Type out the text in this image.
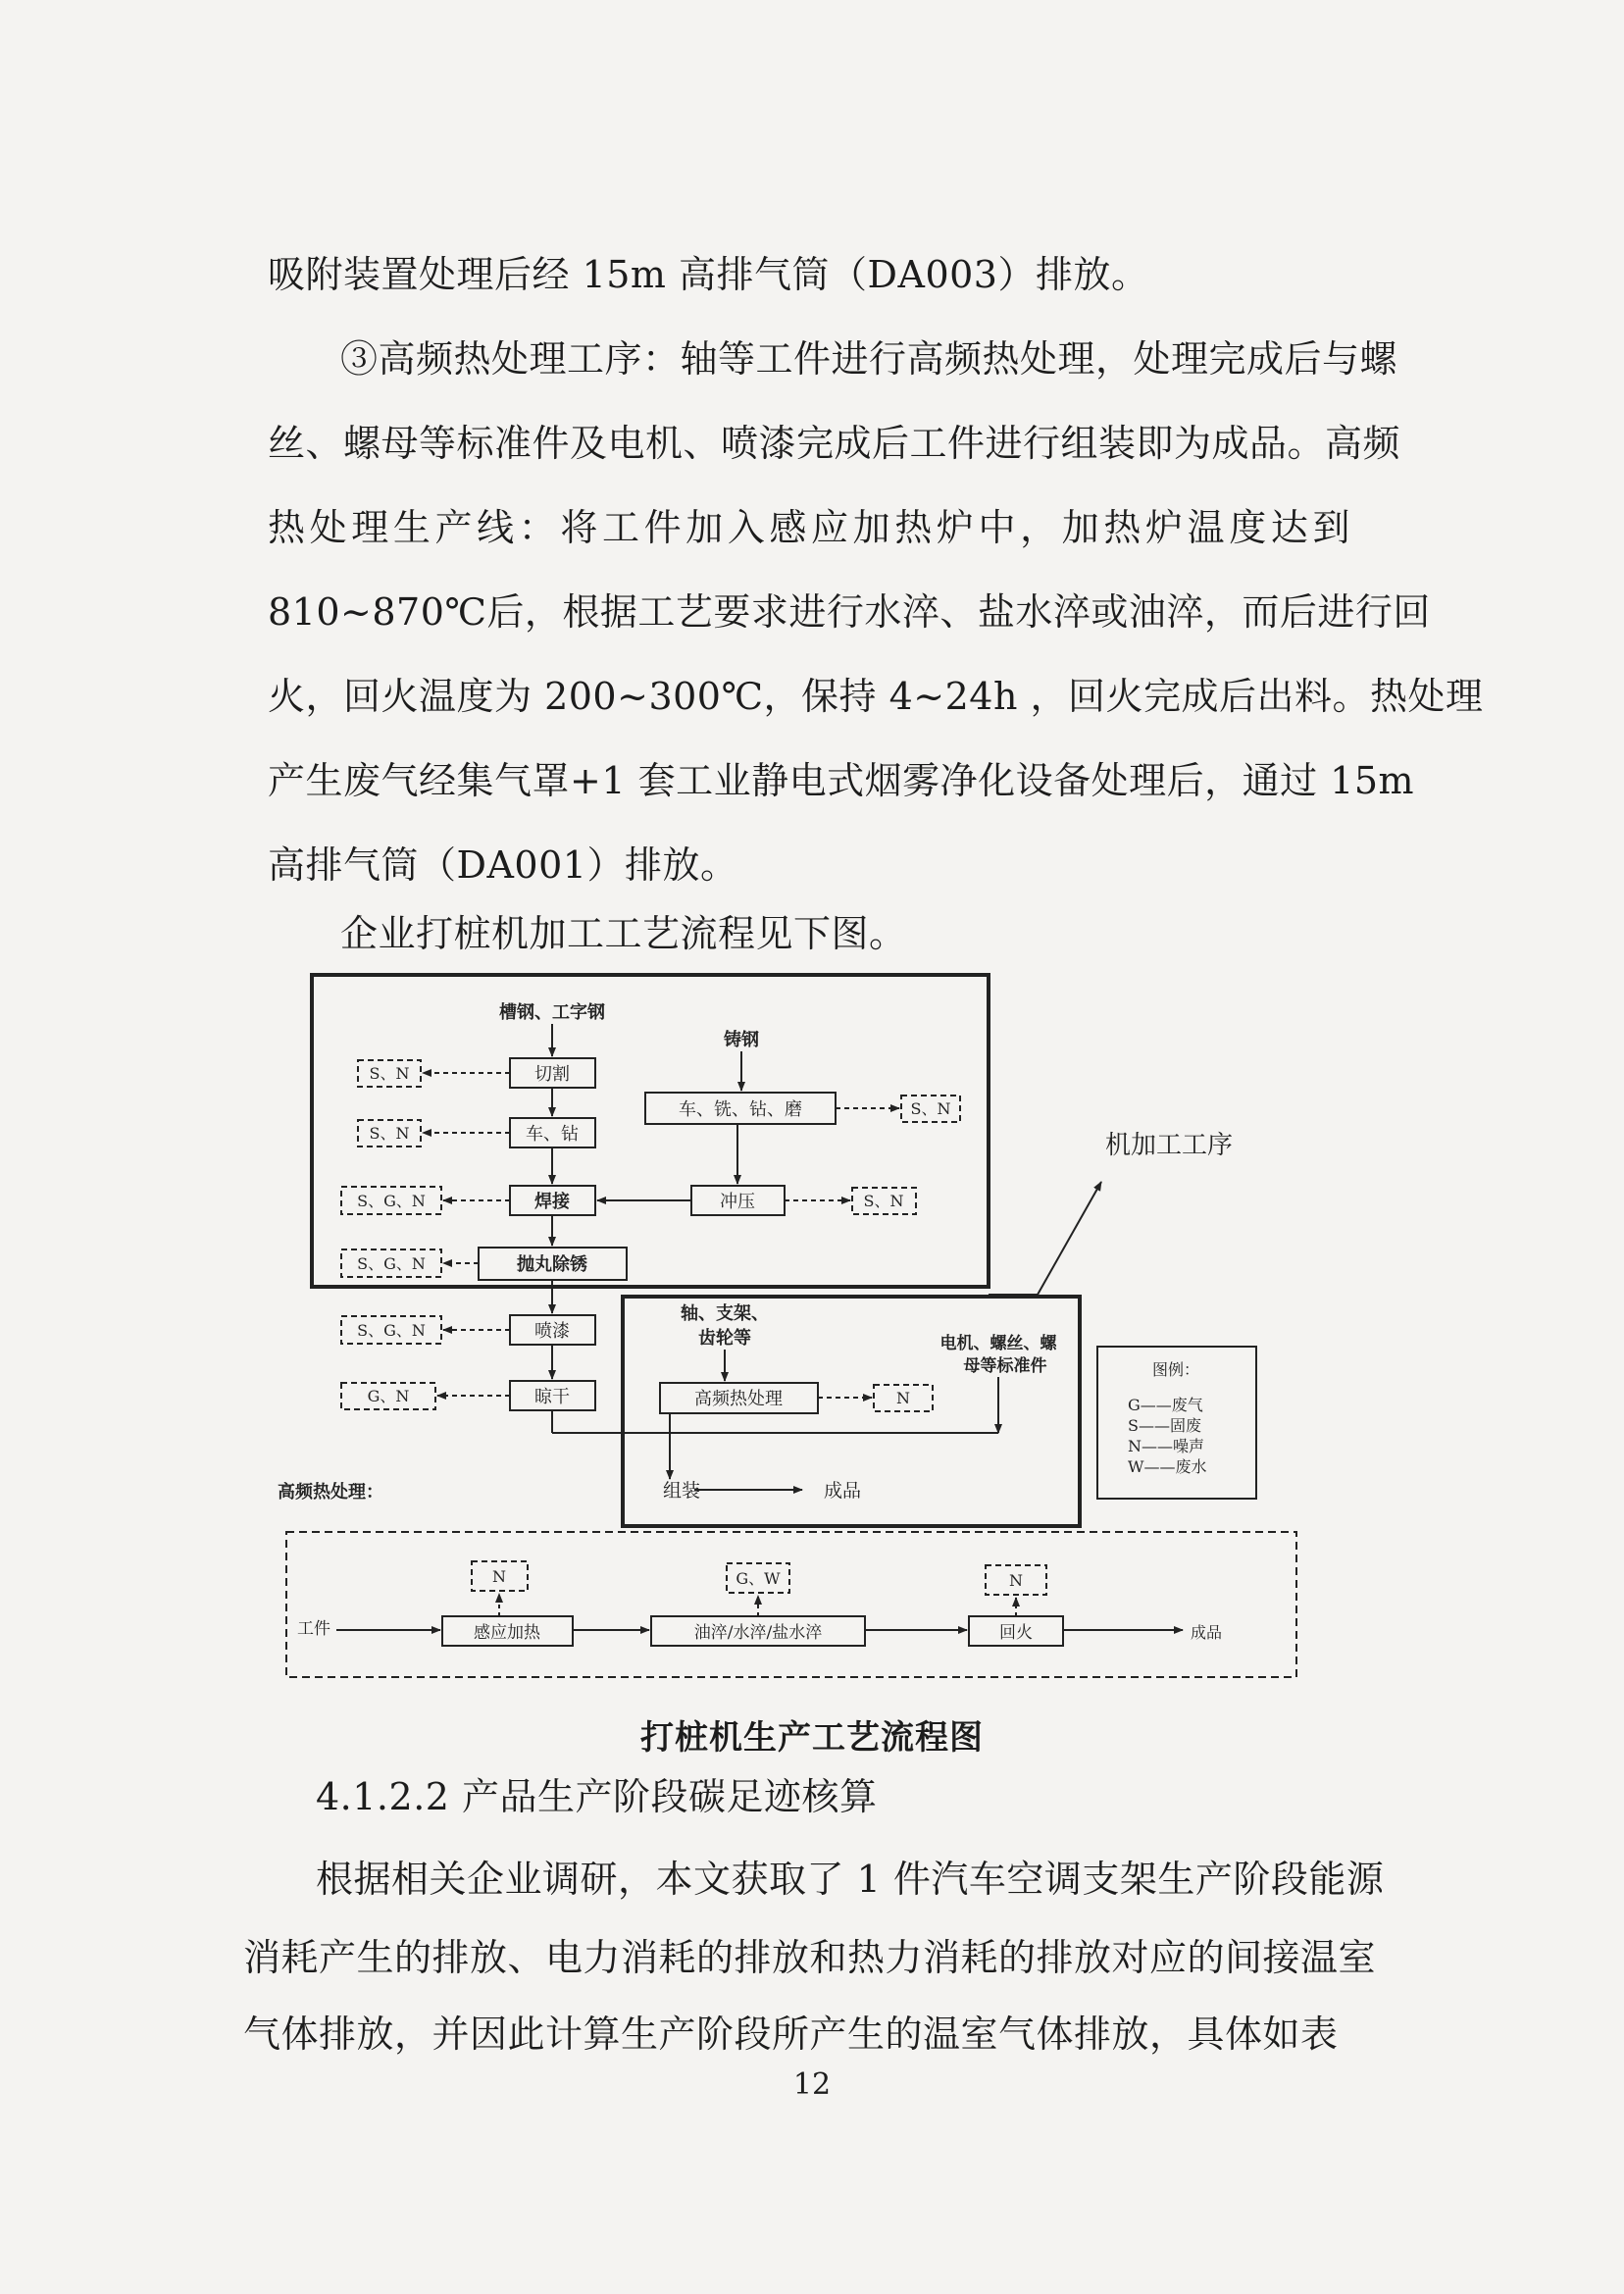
吸附装置处理后经 15m 高排气筒（DA003）排放。
③高频热处理工序：轴等工件进行高频热处理，处理完成后与螺
丝、螺母等标准件及电机、喷漆完成后工件进行组装即为成品。高频
热处理生产线：将工件加入感应加热炉中，加热炉温度达到
810~870℃后，根据工艺要求进行水淬、盐水淬或油淬，而后进行回
火，回火温度为 200~300℃，保持 4~24h ，回火完成后出料。热处理
产生废气经集气罩+1 套工业静电式烟雾净化设备处理后，通过 15m
高排气筒（DA001）排放。
企业打桩机加工工艺流程见下图。
机加工工序
槽钢、工字钢
铸钢
轴、支架、
齿轮等	电机、螺丝、螺
母等标准件
切割
车、钻
焊接
抛丸除锈
喷漆
晾干
车、铣、钻、磨
冲压
高频热处理
组装	成品
S、N
S、N
S、G、N
S、G、N
S、G、N
G、N
S、N
S、N
N
图例：
G——废气
S——固废
N——噪声
W——废水
高频热处理：
工件	感应加热	油淬/水淬/盐水淬	回火	成品
N	G、W	N
打桩机生产工艺流程图
4.1.2.2 产品生产阶段碳足迹核算
根据相关企业调研，本文获取了 1 件汽车空调支架生产阶段能源
消耗产生的排放、电力消耗的排放和热力消耗的排放对应的间接温室
气体排放，并因此计算生产阶段所产生的温室气体排放，具体如表
12
